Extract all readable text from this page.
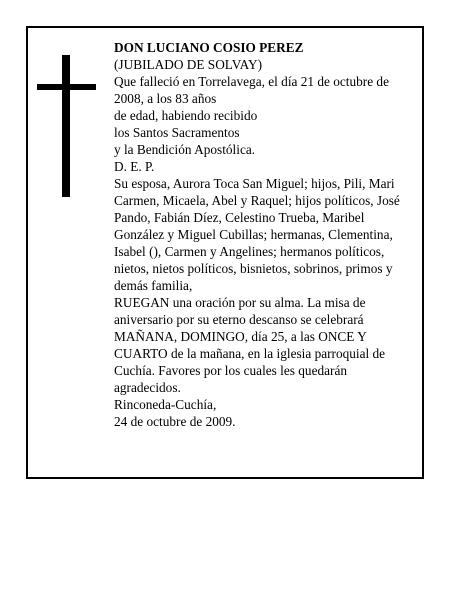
DON LUCIANO COSIO PEREZ
(JUBILADO DE SOLVAY)
Que falleció en Torrelavega, el día 21 de octubre de
2008, a los 83 años
de edad, habiendo recibido
los Santos Sacramentos
y la Bendición Apostólica.
D. E. P.
Su esposa, Aurora Toca San Miguel; hijos, Pili, Mari
Carmen, Micaela, Abel y Raquel; hijos políticos, José
Pando, Fabián Díez, Celestino Trueba, Maribel
González y Miguel Cubillas; hermanas, Clementina,
Isabel (), Carmen y Angelines; hermanos políticos,
nietos, nietos políticos, bisnietos, sobrinos, primos y
demás familia,
RUEGAN una oración por su alma. La misa de
aniversario por su eterno descanso se celebrará
MAÑANA, DOMINGO, día 25, a las ONCE Y
CUARTO de la mañana, en la iglesia parroquial de
Cuchía. Favores por los cuales les quedarán
agradecidos.
Rinconeda-Cuchía,
24 de octubre de 2009.
